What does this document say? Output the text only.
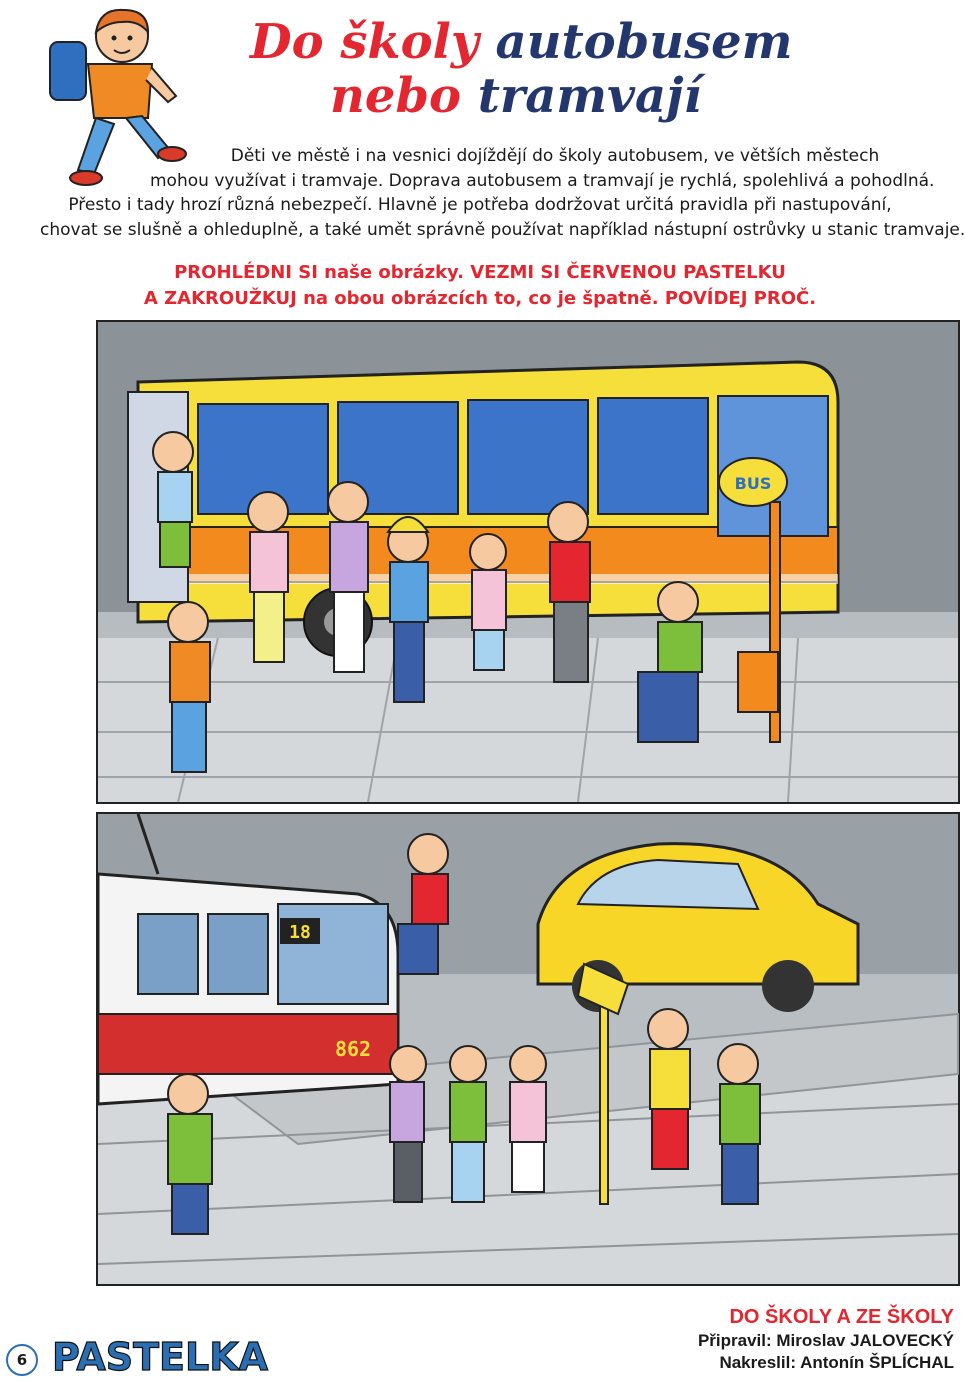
Do školy autobusem
nebo tramvají
Děti ve městě i na vesnici dojíždějí do školy autobusem, ve větších městech
mohou využívat i tramvaje. Doprava autobusem a tramvají je rychlá, spolehlivá a pohodlná.
Přesto i tady hrozí různá nebezpečí. Hlavně je potřeba dodržovat určitá pravidla při nastupování,
chovat se slušně a ohleduplně, a také umět správně používat například nástupní ostrůvky u stanic tramvaje.
PROHLÉDNI SI naše obrázky. VEZMI SI ČERVENOU PASTELKU
A ZAKROUŽKUJ na obou obrázcích to, co je špatně. POVÍDEJ PROČ.
BUS
18
862
6 PASTELKA
DO ŠKOLY A ZE ŠKOLY
Připravil: Miroslav JALOVECKÝ
Nakreslil: Antonín ŠPLÍCHAL
